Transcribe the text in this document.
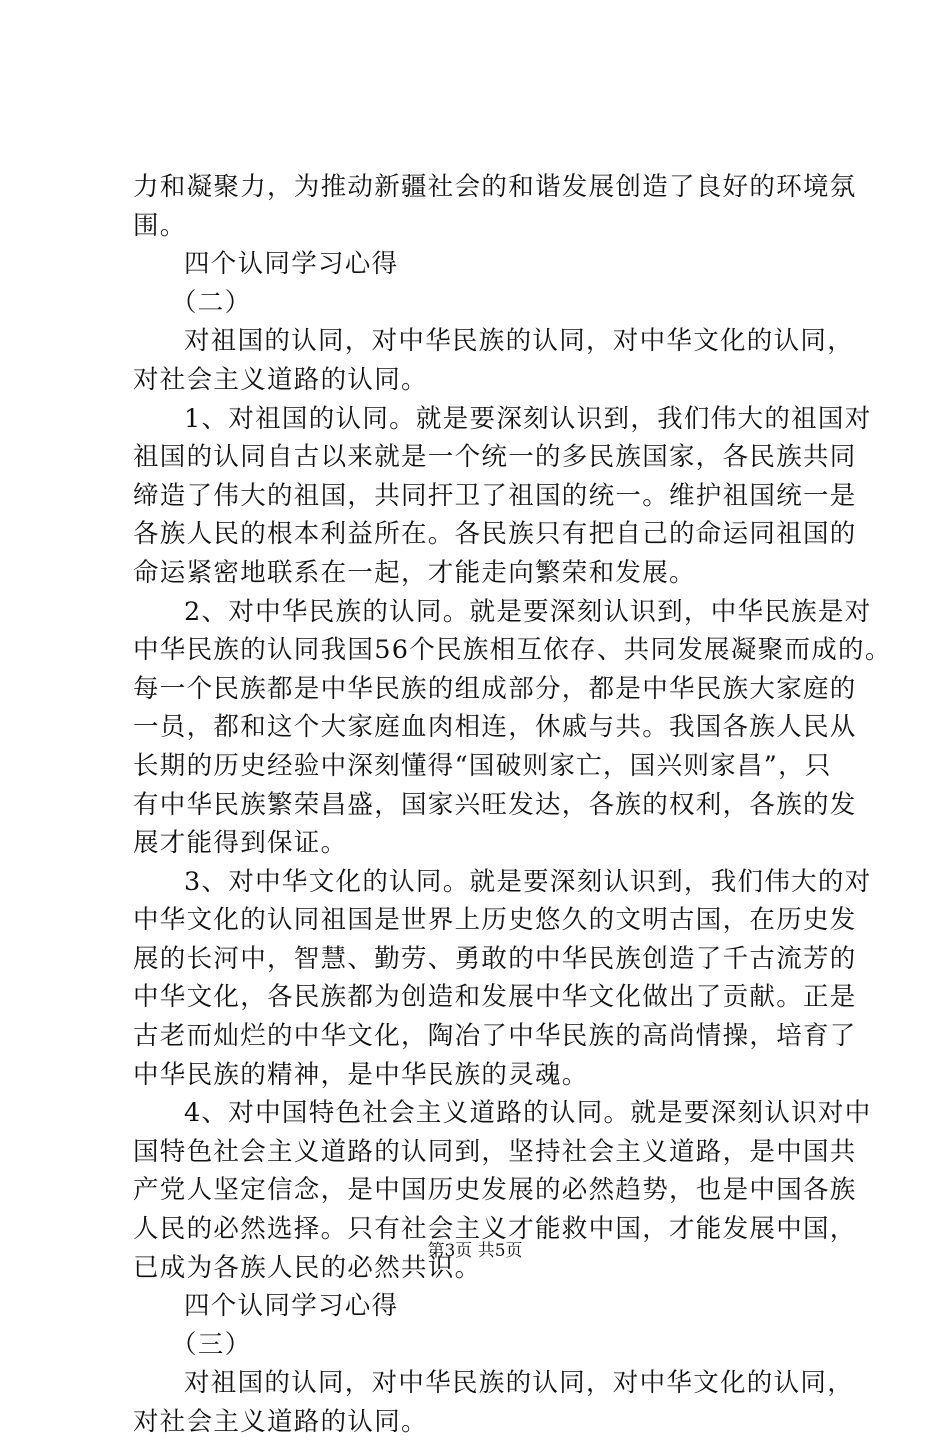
力和凝聚力，为推动新疆社会的和谐发展创造了良好的环境氛
围。
四个认同学习心得
（二）
对祖国的认同，对中华民族的认同，对中华文化的认同，
对社会主义道路的认同。
1、对祖国的认同。就是要深刻认识到，我们伟大的祖国对
祖国的认同自古以来就是一个统一的多民族国家，各民族共同
缔造了伟大的祖国，共同扞卫了祖国的统一。维护祖国统一是
各族人民的根本利益所在。各民族只有把自己的命运同祖国的
命运紧密地联系在一起，才能走向繁荣和发展。
2、对中华民族的认同。就是要深刻认识到，中华民族是对
中华民族的认同我国56个民族相互依存、共同发展凝聚而成的。
每一个民族都是中华民族的组成部分，都是中华民族大家庭的
一员，都和这个大家庭血肉相连，休戚与共。我国各族人民从
长期的历史经验中深刻懂得“国破则家亡，国兴则家昌”，只
有中华民族繁荣昌盛，国家兴旺发达，各族的权利，各族的发
展才能得到保证。
3、对中华文化的认同。就是要深刻认识到，我们伟大的对
中华文化的认同祖国是世界上历史悠久的文明古国，在历史发
展的长河中，智慧、勤劳、勇敢的中华民族创造了千古流芳的
中华文化，各民族都为创造和发展中华文化做出了贡献。正是
古老而灿烂的中华文化，陶冶了中华民族的高尚情操，培育了
中华民族的精神，是中华民族的灵魂。
4、对中国特色社会主义道路的认同。就是要深刻认识对中
国特色社会主义道路的认同到，坚持社会主义道路，是中国共
产党人坚定信念，是中国历史发展的必然趋势，也是中国各族
人民的必然选择。只有社会主义才能救中国，才能发展中国，
已成为各族人民的必然共识。
四个认同学习心得
（三）
对祖国的认同，对中华民族的认同，对中华文化的认同，
对社会主义道路的认同。
第3页 共5页
